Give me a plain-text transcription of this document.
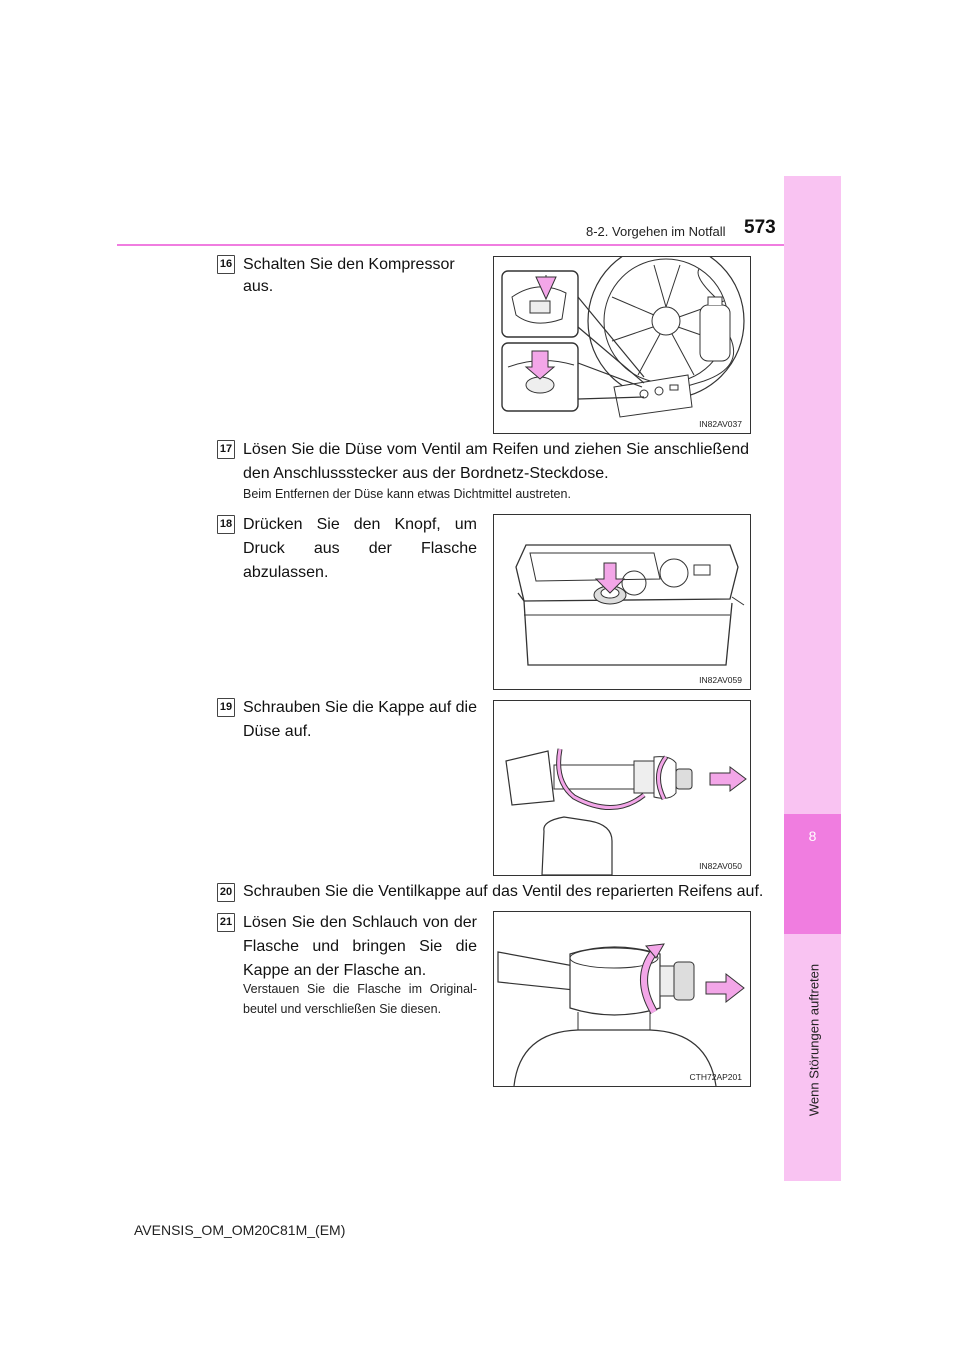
8
Wenn Störungen auftreten
8-2. Vorgehen im Notfall 573
16 Schalten Sie den Kompressor aus.
IN82AV037
17 Lösen Sie die Düse vom Ventil am Reifen und ziehen Sie anschließend den Anschlussstecker aus der Bordnetz-Steckdose.
Beim Entfernen der Düse kann etwas Dichtmittel austreten.
18 Drücken Sie den Knopf, um Druck aus der Flasche abzulassen.
IN82AV059
19 Schrauben Sie die Kappe auf die Düse auf.
IN82AV050
20 Schrauben Sie die Ventilkappe auf das Ventil des reparierten Reifens auf.
21 Lösen Sie den Schlauch von der Flasche und bringen Sie die Kappe an der Flasche an.
Verstauen Sie die Flasche im Original-beutel und verschließen Sie diesen.
CTH72AP201
AVENSIS_OM_OM20C81M_(EM)
